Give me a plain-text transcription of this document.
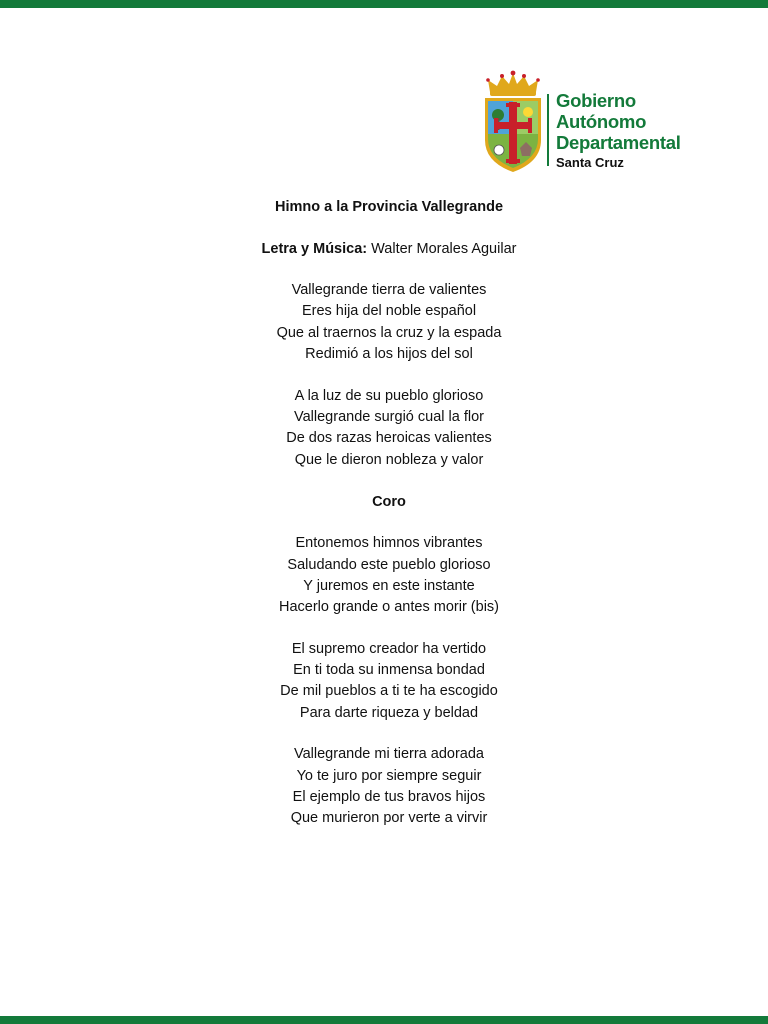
Gobierno
Autónomo
Departamental
Santa Cruz
Himno a la Provincia Vallegrande
Letra y Música: Walter Morales Aguilar
Vallegrande tierra de valientes
Eres hija del noble español
Que al traernos la cruz y la espada
Redimió a los hijos del sol
A la luz de su pueblo glorioso
Vallegrande surgió cual la flor
De dos razas heroicas valientes
Que le dieron nobleza y valor
Coro
Entonemos himnos vibrantes
Saludando este pueblo glorioso
Y juremos en este instante
Hacerlo grande o antes morir (bis)
El supremo creador ha vertido
En ti toda su inmensa bondad
De mil pueblos a ti te ha escogido
Para darte riqueza y beldad
Vallegrande mi tierra adorada
Yo te juro por siempre seguir
El ejemplo de tus bravos hijos
Que murieron por verte a virvir
